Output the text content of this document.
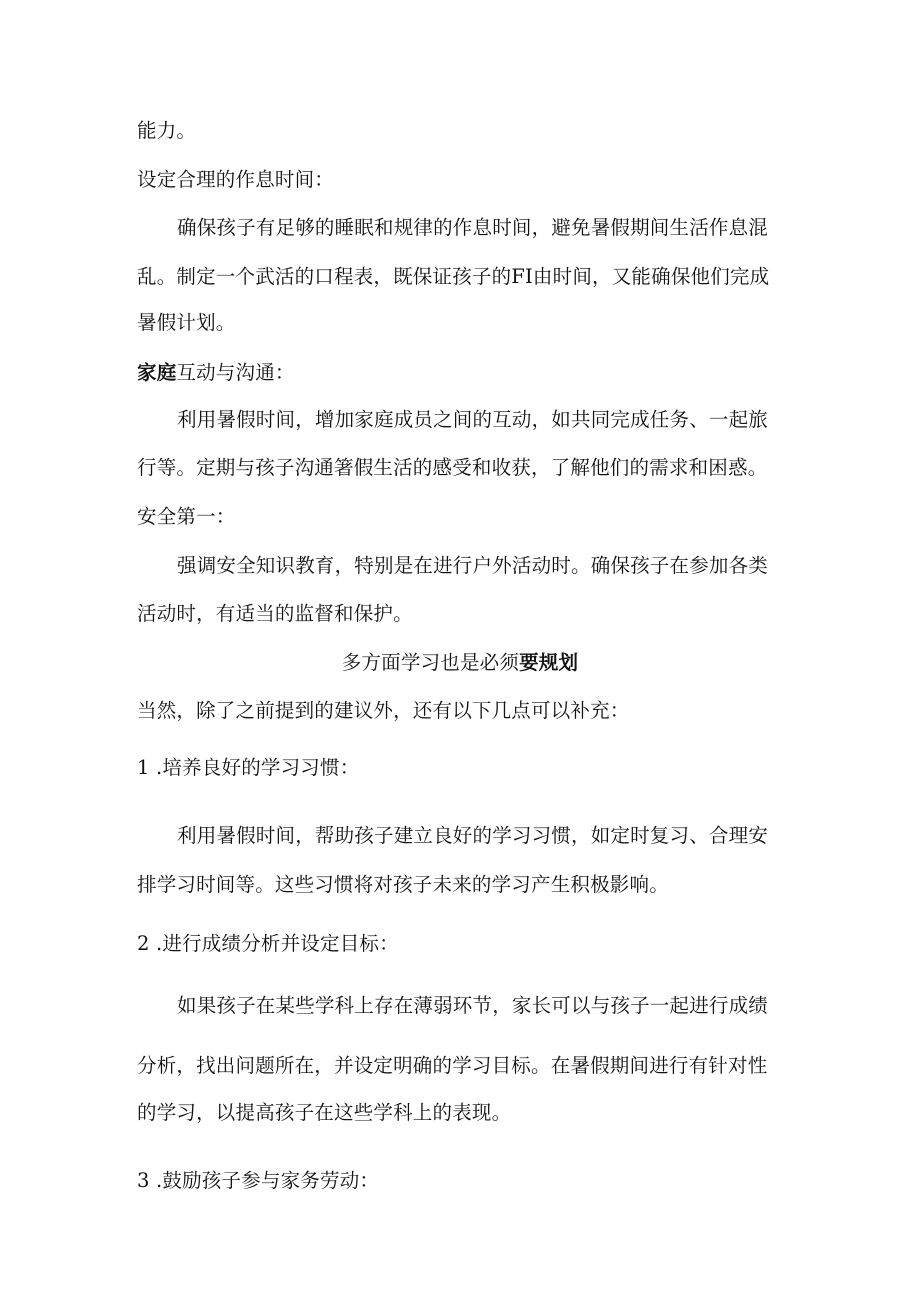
能力。
设定合理的作息时间：
确保孩子有足够的睡眠和规律的作息时间，避免暑假期间生活作息混
乱。制定一个武活的口程表，既保证孩子的FI由时间，又能确保他们完成
暑假计划。
家庭互动与沟通：
利用暑假时间，增加家庭成员之间的互动，如共同完成任务、一起旅
行等。定期与孩子沟通箸假生活的感受和收获，了解他们的需求和困惑。
安全第一：
强调安全知识教育，特别是在进行户外活动时。确保孩子在参加各类
活动时，有适当的监督和保护。
多方面学习也是必须要规划
当然，除了之前提到的建议外，还有以下几点可以补充：
1 .培养良好的学习习惯：
利用暑假时间，帮助孩子建立良好的学习习惯，如定时复习、合理安
排学习时间等。这些习惯将对孩子未来的学习产生积极影响。
2 .进行成绩分析并设定目标：
如果孩子在某些学科上存在薄弱环节，家长可以与孩子一起进行成绩
分析，找出问题所在，并设定明确的学习目标。在暑假期间进行有针对性
的学习，以提高孩子在这些学科上的表现。
3 .鼓励孩子参与家务劳动：
